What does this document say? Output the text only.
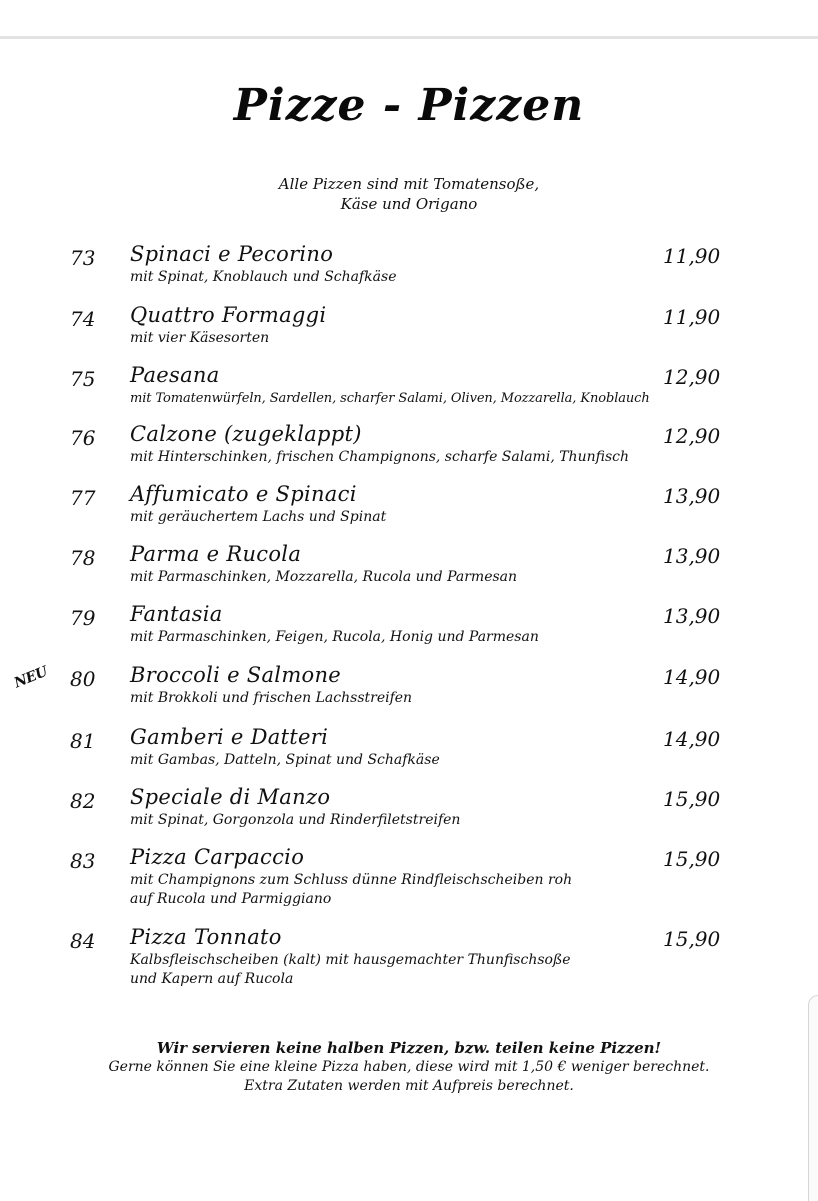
Pizze - Pizzen
Alle Pizzen sind mit Tomatensoße,
Käse und Origano
73 Spinaci e Pecorino	11,90
mit Spinat, Knoblauch und Schafkäse
74 Quattro Formaggi	11,90
mit vier Käsesorten
75 Paesana	12,90
mit Tomatenwürfeln, Sardellen, scharfer Salami, Oliven, Mozzarella, Knoblauch
76 Calzone (zugeklappt)	12,90
mit Hinterschinken, frischen Champignons, scharfe Salami, Thunfisch
77 Affumicato e Spinaci	13,90
mit geräuchertem Lachs und Spinat
78 Parma e Rucola	13,90
mit Parmaschinken, Mozzarella, Rucola und Parmesan
79 Fantasia	13,90
mit Parmaschinken, Feigen, Rucola, Honig und Parmesan
NEU 80 Broccoli e Salmone	14,90
mit Brokkoli und frischen Lachsstreifen
81 Gamberi e Datteri	14,90
mit Gambas, Datteln, Spinat und Schafkäse
82 Speciale di Manzo	15,90
mit Spinat, Gorgonzola und Rinderfiletstreifen
83 Pizza Carpaccio	15,90
mit Champignons zum Schluss dünne Rindfleischscheiben roh
auf Rucola und Parmiggiano
84 Pizza Tonnato	15,90
Kalbsfleischscheiben (kalt) mit hausgemachter Thunfischsoße
und Kapern auf Rucola
Wir servieren keine halben Pizzen, bzw. teilen keine Pizzen!
Gerne können Sie eine kleine Pizza haben, diese wird mit 1,50 € weniger berechnet.
Extra Zutaten werden mit Aufpreis berechnet.
